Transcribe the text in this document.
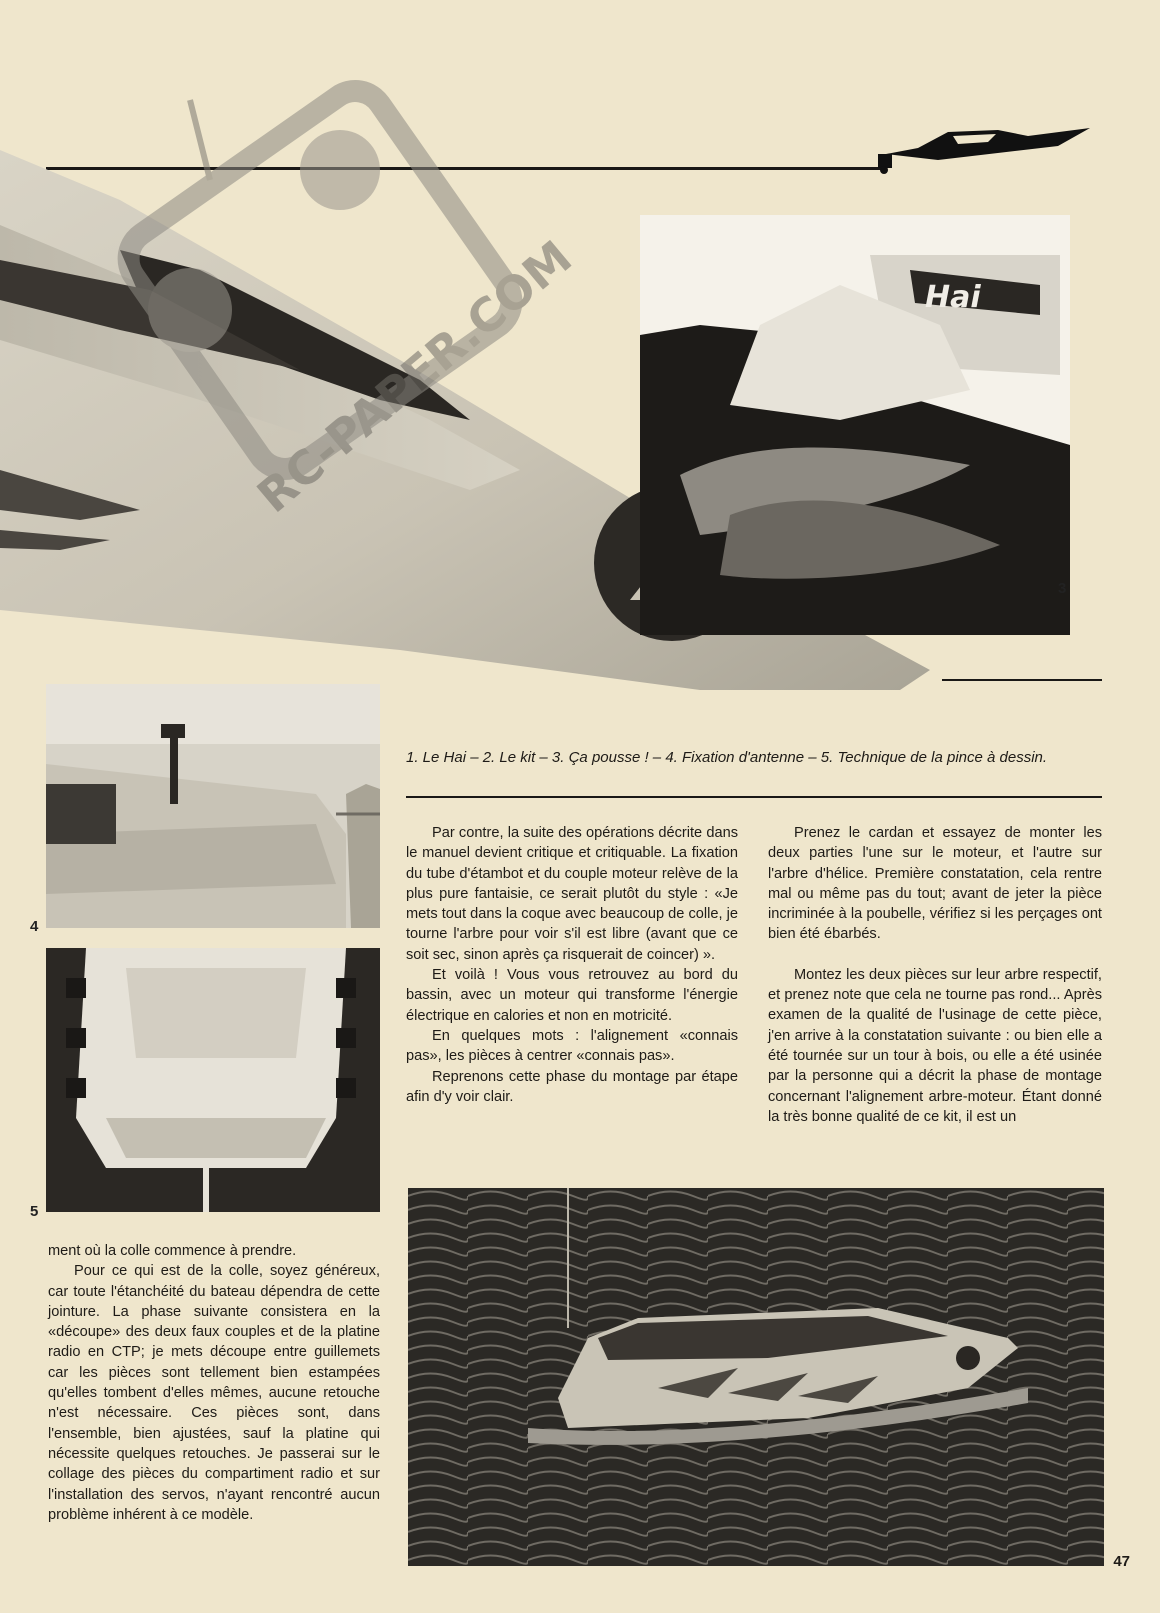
RC-PAPER.COM	Hai
3
4
5
1. Le Hai – 2. Le kit – 3. Ça pousse ! – 4. Fixation d'antenne – 5. Technique de la pince à dessin.

Par contre, la suite des opérations décrite dans le manuel devient critique et critiquable. La fixation du tube d'étambot et du couple moteur relève de la plus pure fantaisie, ce serait plutôt du style : «Je mets tout dans la coque avec beaucoup de colle, je tourne l'arbre pour voir s'il est libre (avant que ce soit sec, sinon après ça risquerait de coincer) ».

Et voilà ! Vous vous retrouvez au bord du bassin, avec un moteur qui transforme l'énergie électrique en calories et non en motricité.

En quelques mots : l'alignement «connais pas», les pièces à centrer «connais pas».

Reprenons cette phase du montage par étape afin d'y voir clair.

Prenez le cardan et essayez de monter les deux parties l'une sur le moteur, et l'autre sur l'arbre d'hélice. Première constatation, cela rentre mal ou même pas du tout; avant de jeter la pièce incriminée à la poubelle, vérifiez si les perçages ont bien été ébarbés.

Montez les deux pièces sur leur arbre respectif, et prenez note que cela ne tourne pas rond... Après examen de la qualité de l'usinage de cette pièce, j'en arrive à la constatation suivante : ou bien elle a été tournée sur un tour à bois, ou elle a été usinée par la personne qui a décrit la phase de montage concernant l'alignement arbre-moteur. Étant donné la très bonne qualité de ce kit, il est un

ment où la colle commence à prendre.

Pour ce qui est de la colle, soyez généreux, car toute l'étanchéité du bateau dépendra de cette jointure. La phase suivante consistera en la «découpe» des deux faux couples et de la platine radio en CTP; je mets découpe entre guillemets car les pièces sont tellement bien estampées qu'elles tombent d'elles mêmes, aucune retouche n'est nécessaire. Ces pièces sont, dans l'ensemble, bien ajustées, sauf la platine qui nécessite quelques retouches. Je passerai sur le collage des pièces du compartiment radio et sur l'installation des servos, n'ayant rencontré aucun problème inhérent à ce modèle.

47
